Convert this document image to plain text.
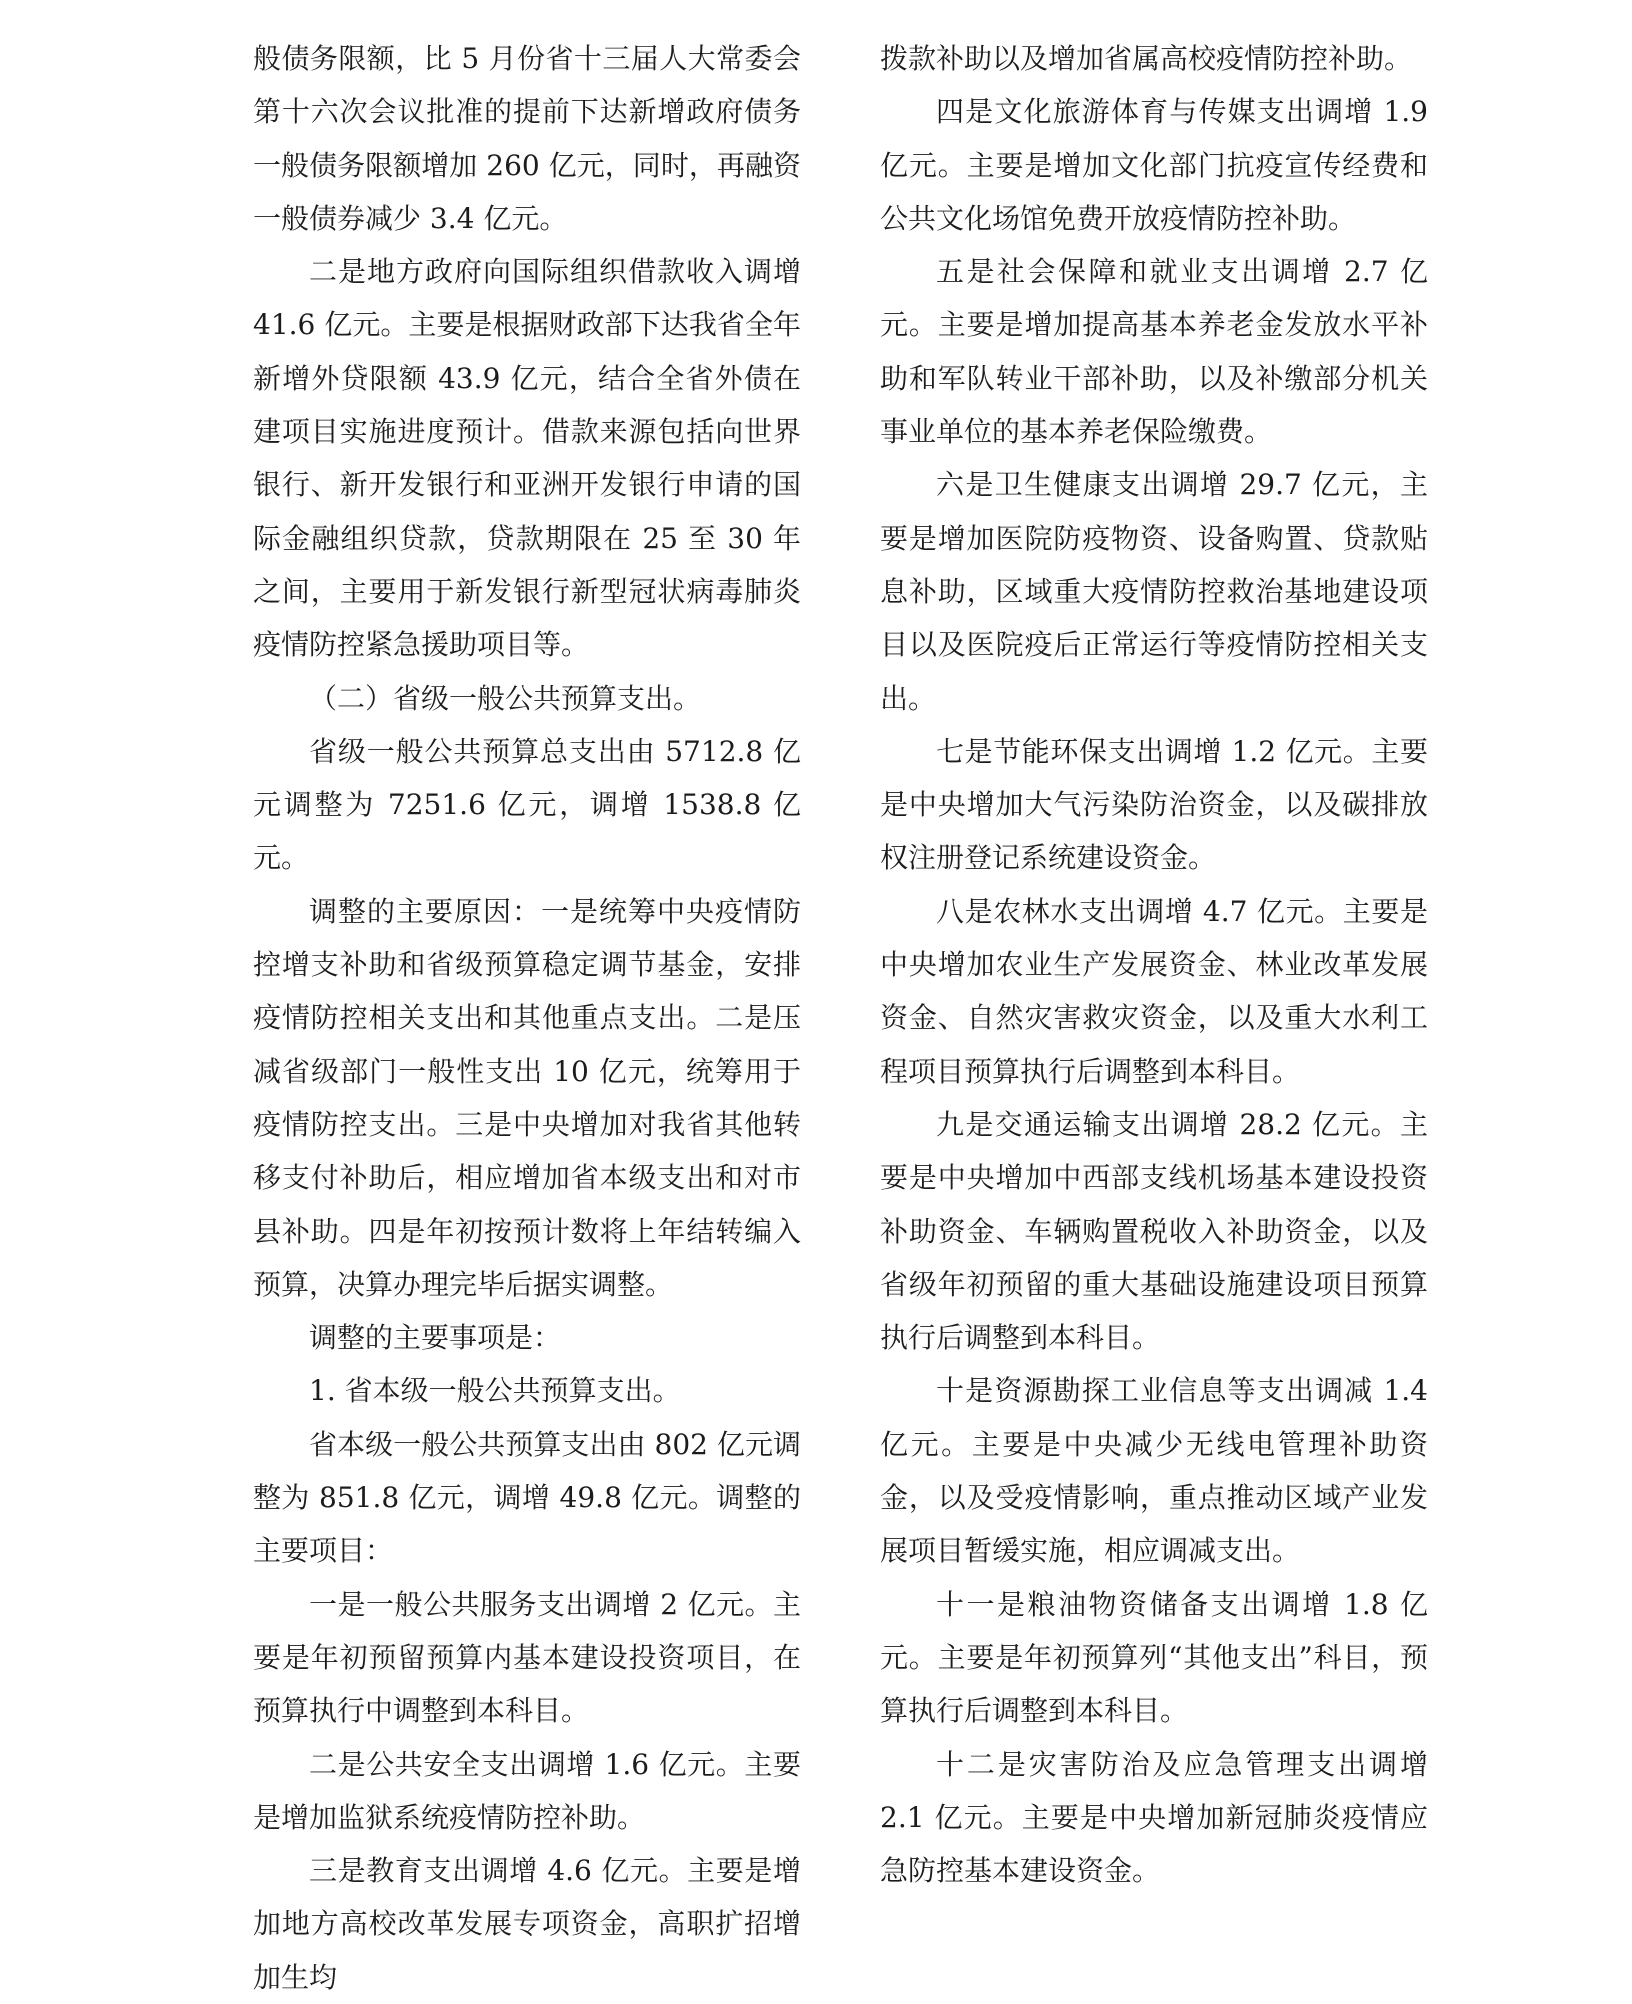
般债务限额，比 5 月份省十三届人大常委会第十六次会议批准的提前下达新增政府债务一般债务限额增加 260 亿元，同时，再融资一般债券减少 3.4 亿元。

二是地方政府向国际组织借款收入调增 41.6 亿元。主要是根据财政部下达我省全年新增外贷限额 43.9 亿元，结合全省外债在建项目实施进度预计。借款来源包括向世界银行、新开发银行和亚洲开发银行申请的国际金融组织贷款，贷款期限在 25 至 30 年之间，主要用于新发银行新型冠状病毒肺炎疫情防控紧急援助项目等。

（二）省级一般公共预算支出。

省级一般公共预算总支出由 5712.8 亿元调整为 7251.6 亿元，调增 1538.8 亿元。

调整的主要原因：一是统筹中央疫情防控增支补助和省级预算稳定调节基金，安排疫情防控相关支出和其他重点支出。二是压减省级部门一般性支出 10 亿元，统筹用于疫情防控支出。三是中央增加对我省其他转移支付补助后，相应增加省本级支出和对市县补助。四是年初按预计数将上年结转编入预算，决算办理完毕后据实调整。

调整的主要事项是：

1. 省本级一般公共预算支出。

省本级一般公共预算支出由 802 亿元调整为 851.8 亿元，调增 49.8 亿元。调整的主要项目：

一是一般公共服务支出调增 2 亿元。主要是年初预留预算内基本建设投资项目，在预算执行中调整到本科目。

二是公共安全支出调增 1.6 亿元。主要是增加监狱系统疫情防控补助。

三是教育支出调增 4.6 亿元。主要是增加地方高校改革发展专项资金，高职扩招增加生均

拨款补助以及增加省属高校疫情防控补助。

四是文化旅游体育与传媒支出调增 1.9 亿元。主要是增加文化部门抗疫宣传经费和公共文化场馆免费开放疫情防控补助。

五是社会保障和就业支出调增 2.7 亿元。主要是增加提高基本养老金发放水平补助和军队转业干部补助，以及补缴部分机关事业单位的基本养老保险缴费。

六是卫生健康支出调增 29.7 亿元，主要是增加医院防疫物资、设备购置、贷款贴息补助，区域重大疫情防控救治基地建设项目以及医院疫后正常运行等疫情防控相关支出。

七是节能环保支出调增 1.2 亿元。主要是中央增加大气污染防治资金，以及碳排放权注册登记系统建设资金。

八是农林水支出调增 4.7 亿元。主要是中央增加农业生产发展资金、林业改革发展资金、自然灾害救灾资金，以及重大水利工程项目预算执行后调整到本科目。

九是交通运输支出调增 28.2 亿元。主要是中央增加中西部支线机场基本建设投资补助资金、车辆购置税收入补助资金，以及省级年初预留的重大基础设施建设项目预算执行后调整到本科目。

十是资源勘探工业信息等支出调减 1.4 亿元。主要是中央减少无线电管理补助资金，以及受疫情影响，重点推动区域产业发展项目暂缓实施，相应调减支出。

十一是粮油物资储备支出调增 1.8 亿元。主要是年初预算列“其他支出”科目，预算执行后调整到本科目。

十二是灾害防治及应急管理支出调增 2.1 亿元。主要是中央增加新冠肺炎疫情应急防控基本建设资金。
